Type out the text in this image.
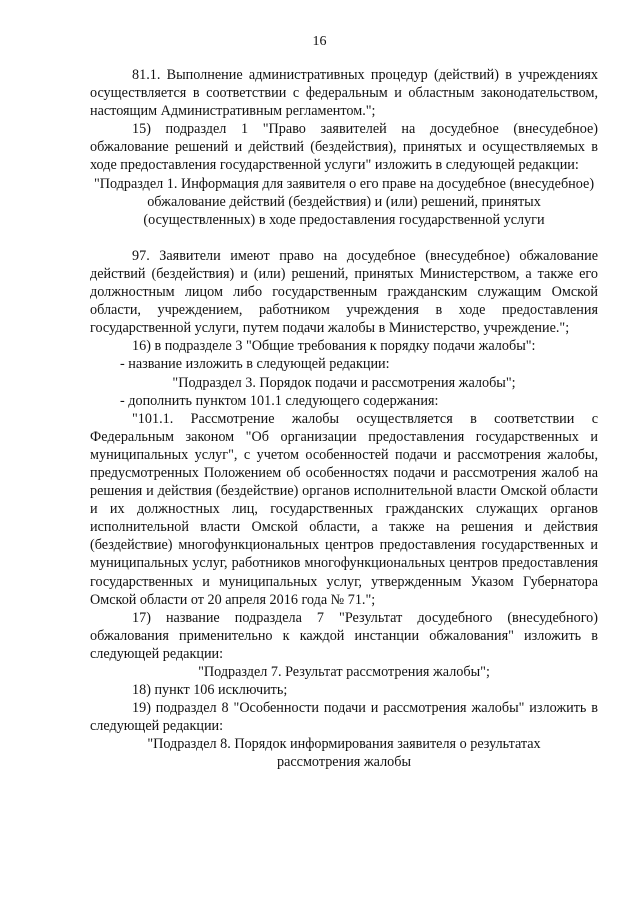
16

81.1. Выполнение административных процедур (действий) в учреждениях осуществляется в соответствии с федеральным и областным законодательством, настоящим Административным регламентом.";

15) подраздел 1 "Право заявителей на досудебное (внесудебное) обжалование решений и действий (бездействия), принятых и осуществляемых в ходе предоставления государственной услуги" изложить в следующей редакции:

"Подраздел 1. Информация для заявителя о его праве на досудебное (внесудебное) обжалование действий (бездействия) и (или) решений, принятых (осуществленных) в ходе предоставления государственной услуги

97. Заявители имеют право на досудебное (внесудебное) обжалование действий (бездействия) и (или) решений, принятых Министерством, а также его должностным лицом либо государственным гражданским служащим Омской области, учреждением, работником учреждения в ходе предоставления государственной услуги, путем подачи жалобы в Министерство, учреждение.";

16) в подразделе 3 "Общие требования к порядку подачи жалобы":

- название изложить в следующей редакции:

"Подраздел 3. Порядок подачи и рассмотрения жалобы";

- дополнить пунктом 101.1 следующего содержания:

"101.1. Рассмотрение жалобы осуществляется в соответствии с Федеральным законом "Об организации предоставления государственных и муниципальных услуг", с учетом особенностей подачи и рассмотрения жалобы, предусмотренных Положением об особенностях подачи и рассмотрения жалоб на решения и действия (бездействие) органов исполнительной власти Омской области и их должностных лиц, государственных гражданских служащих органов исполнительной власти Омской области, а также на решения и действия (бездействие) многофункциональных центров предоставления государственных и муниципальных услуг, работников многофункциональных центров предоставления государственных и муниципальных услуг, утвержденным Указом Губернатора Омской области от 20 апреля 2016 года № 71.";

17) название подраздела 7 "Результат досудебного (внесудебного) обжалования применительно к каждой инстанции обжалования" изложить в следующей редакции:

"Подраздел 7. Результат рассмотрения жалобы";

18) пункт 106 исключить;

19) подраздел 8 "Особенности подачи и рассмотрения жалобы" изложить в следующей редакции:

"Подраздел 8. Порядок информирования заявителя о результатах рассмотрения жалобы
